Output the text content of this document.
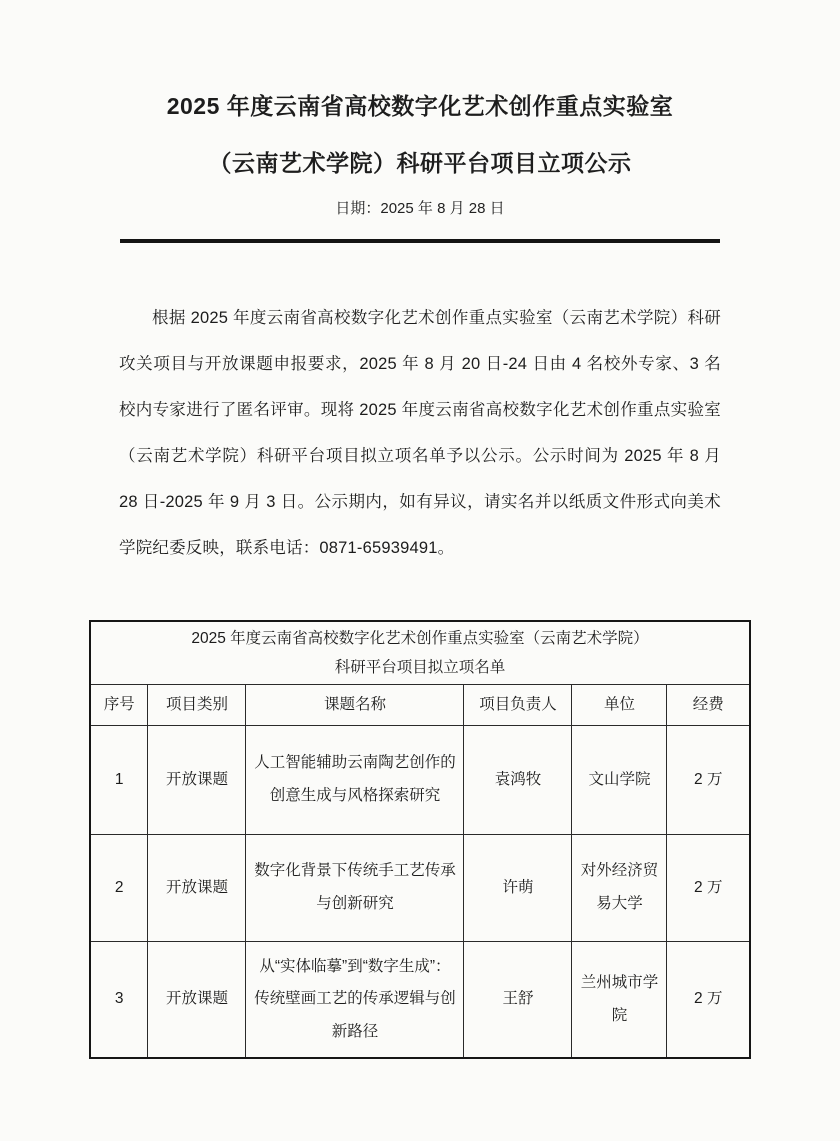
2025 年度云南省高校数字化艺术创作重点实验室
（云南艺术学院）科研平台项目立项公示
日期：2025 年 8 月 28 日

根据 2025 年度云南省高校数字化艺术创作重点实验室（云南艺术学院）科研攻关项目与开放课题申报要求，2025 年 8 月 20 日-24 日由 4 名校外专家、3 名校内专家进行了匿名评审。现将 2025 年度云南省高校数字化艺术创作重点实验室（云南艺术学院）科研平台项目拟立项名单予以公示。公示时间为 2025 年 8 月 28 日-2025 年 9 月 3 日。公示期内，如有异议，请实名并以纸质文件形式向美术学院纪委反映，联系电话：0871-65939491。

2025 年度云南省高校数字化艺术创作重点实验室（云南艺术学院）
科研平台项目拟立项名单					

序号	项目类别	课题名称	项目负责人	单位	经费
1	开放课题	人工智能辅助云南陶艺创作的创意生成与风格探索研究	袁鸿牧	文山学院	2 万
2	开放课题	数字化背景下传统手工艺传承与创新研究	许萌	对外经济贸易大学	2 万
3	开放课题	从“实体临摹”到“数字生成”：传统壁画工艺的传承逻辑与创新路径	王舒	兰州城市学院	2 万
